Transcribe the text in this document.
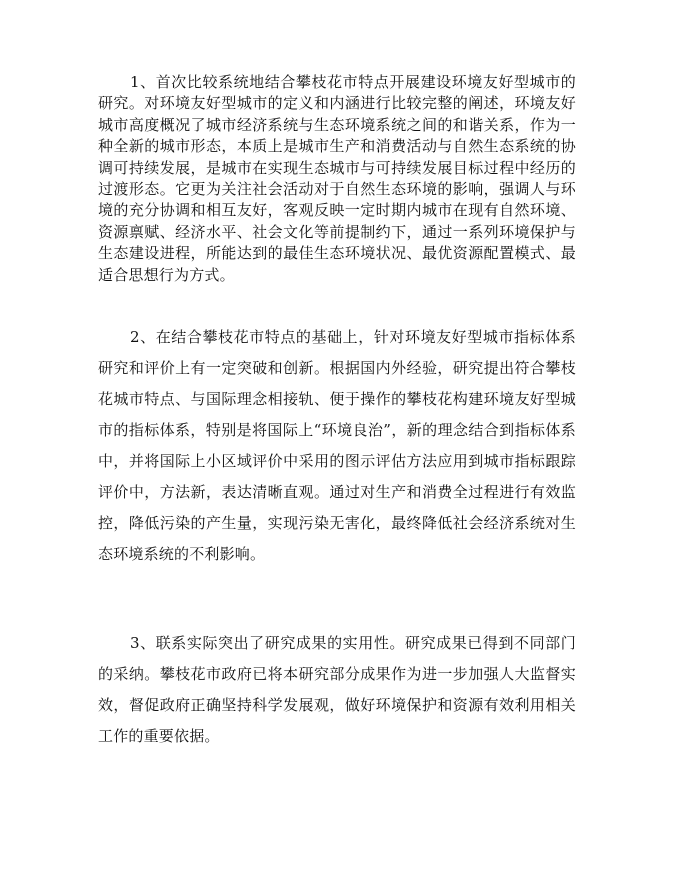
1、首次比较系统地结合攀枝花市特点开展建设环境友好型城市的研究。对环境友好型城市的定义和内涵进行比较完整的阐述，环境友好城市高度概况了城市经济系统与生态环境系统之间的和谐关系，作为一种全新的城市形态，本质上是城市生产和消费活动与自然生态系统的协调可持续发展，是城市在实现生态城市与可持续发展目标过程中经历的过渡形态。它更为关注社会活动对于自然生态环境的影响，强调人与环境的充分协调和相互友好，客观反映一定时期内城市在现有自然环境、资源禀赋、经济水平、社会文化等前提制约下，通过一系列环境保护与生态建设进程，所能达到的最佳生态环境状况、最优资源配置模式、最适合思想行为方式。

2、在结合攀枝花市特点的基础上，针对环境友好型城市指标体系研究和评价上有一定突破和创新。根据国内外经验，研究提出符合攀枝花城市特点、与国际理念相接轨、便于操作的攀枝花构建环境友好型城市的指标体系，特别是将国际上“环境良治”，新的理念结合到指标体系中，并将国际上小区域评价中采用的图示评估方法应用到城市指标跟踪评价中，方法新，表达清晰直观。通过对生产和消费全过程进行有效监控，降低污染的产生量，实现污染无害化，最终降低社会经济系统对生态环境系统的不利影响。

3、联系实际突出了研究成果的实用性。研究成果已得到不同部门的采纳。攀枝花市政府已将本研究部分成果作为进一步加强人大监督实效，督促政府正确坚持科学发展观，做好环境保护和资源有效利用相关工作的重要依据。
